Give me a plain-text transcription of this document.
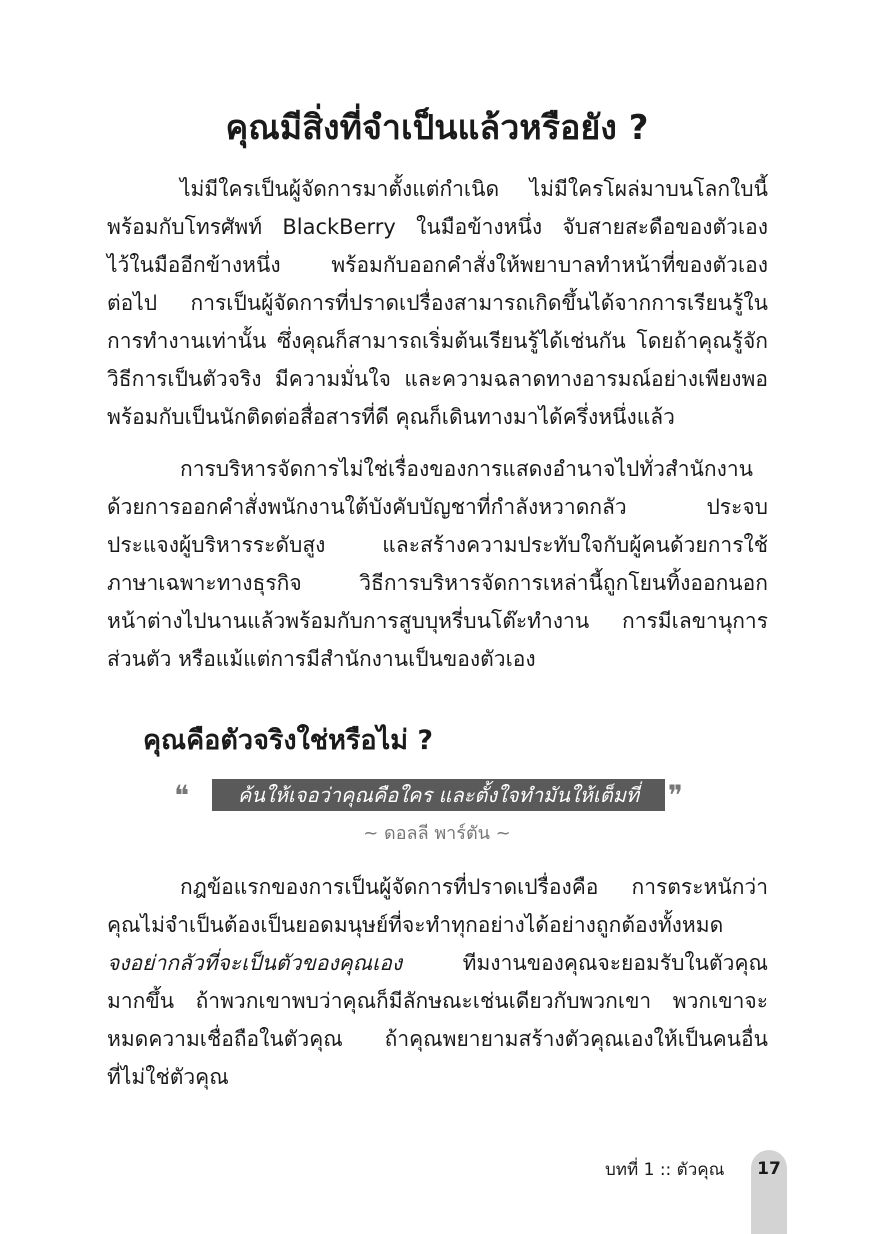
คุณมีสิ่งที่จำเป็นแล้วหรือยัง ?
ไม่มีใครเป็นผู้จัดการมาตั้งแต่กำเนิด ไม่มีใครโผล่มาบนโลกใบนี้
พร้อมกับโทรศัพท์ BlackBerry ในมือข้างหนึ่ง จับสายสะดือของตัวเอง
ไว้ในมืออีกข้างหนึ่ง พร้อมกับออกคำสั่งให้พยาบาลทำหน้าที่ของตัวเอง
ต่อไป การเป็นผู้จัดการที่ปราดเปรื่องสามารถเกิดขึ้นได้จากการเรียนรู้ใน
การทำงานเท่านั้น ซึ่งคุณก็สามารถเริ่มต้นเรียนรู้ได้เช่นกัน โดยถ้าคุณรู้จัก
วิธีการเป็นตัวจริง มีความมั่นใจ และความฉลาดทางอารมณ์อย่างเพียงพอ
พร้อมกับเป็นนักติดต่อสื่อสารที่ดี คุณก็เดินทางมาได้ครึ่งหนึ่งแล้ว
การบริหารจัดการไม่ใช่เรื่องของการแสดงอำนาจไปทั่วสำนักงาน
ด้วยการออกคำสั่งพนักงานใต้บังคับบัญชาที่กำลังหวาดกลัว ประจบ
ประแจงผู้บริหารระดับสูง และสร้างความประทับใจกับผู้คนด้วยการใช้
ภาษาเฉพาะทางธุรกิจ วิธีการบริหารจัดการเหล่านี้ถูกโยนทิ้งออกนอก
หน้าต่างไปนานแล้วพร้อมกับการสูบบุหรี่บนโต๊ะทำงาน การมีเลขานุการ
ส่วนตัว หรือแม้แต่การมีสำนักงานเป็นของตัวเอง
คุณคือตัวจริงใช่หรือไม่ ?
❝	ค้นให้เจอว่าคุณคือใคร และตั้งใจทำมันให้เต็มที่	❞
~ ดอลลี พาร์ตัน ~
กฎข้อแรกของการเป็นผู้จัดการที่ปราดเปรื่องคือ การตระหนักว่า
คุณไม่จำเป็นต้องเป็นยอดมนุษย์ที่จะทำทุกอย่างได้อย่างถูกต้องทั้งหมด
จงอย่ากลัวที่จะเป็นตัวของคุณเอง	ทีมงานของคุณจะยอมรับในตัวคุณ
มากขึ้น ถ้าพวกเขาพบว่าคุณก็มีลักษณะเช่นเดียวกับพวกเขา พวกเขาจะ
หมดความเชื่อถือในตัวคุณ ถ้าคุณพยายามสร้างตัวคุณเองให้เป็นคนอื่น
ที่ไม่ใช่ตัวคุณ
บทที่ 1 :: ตัวคุณ	17
